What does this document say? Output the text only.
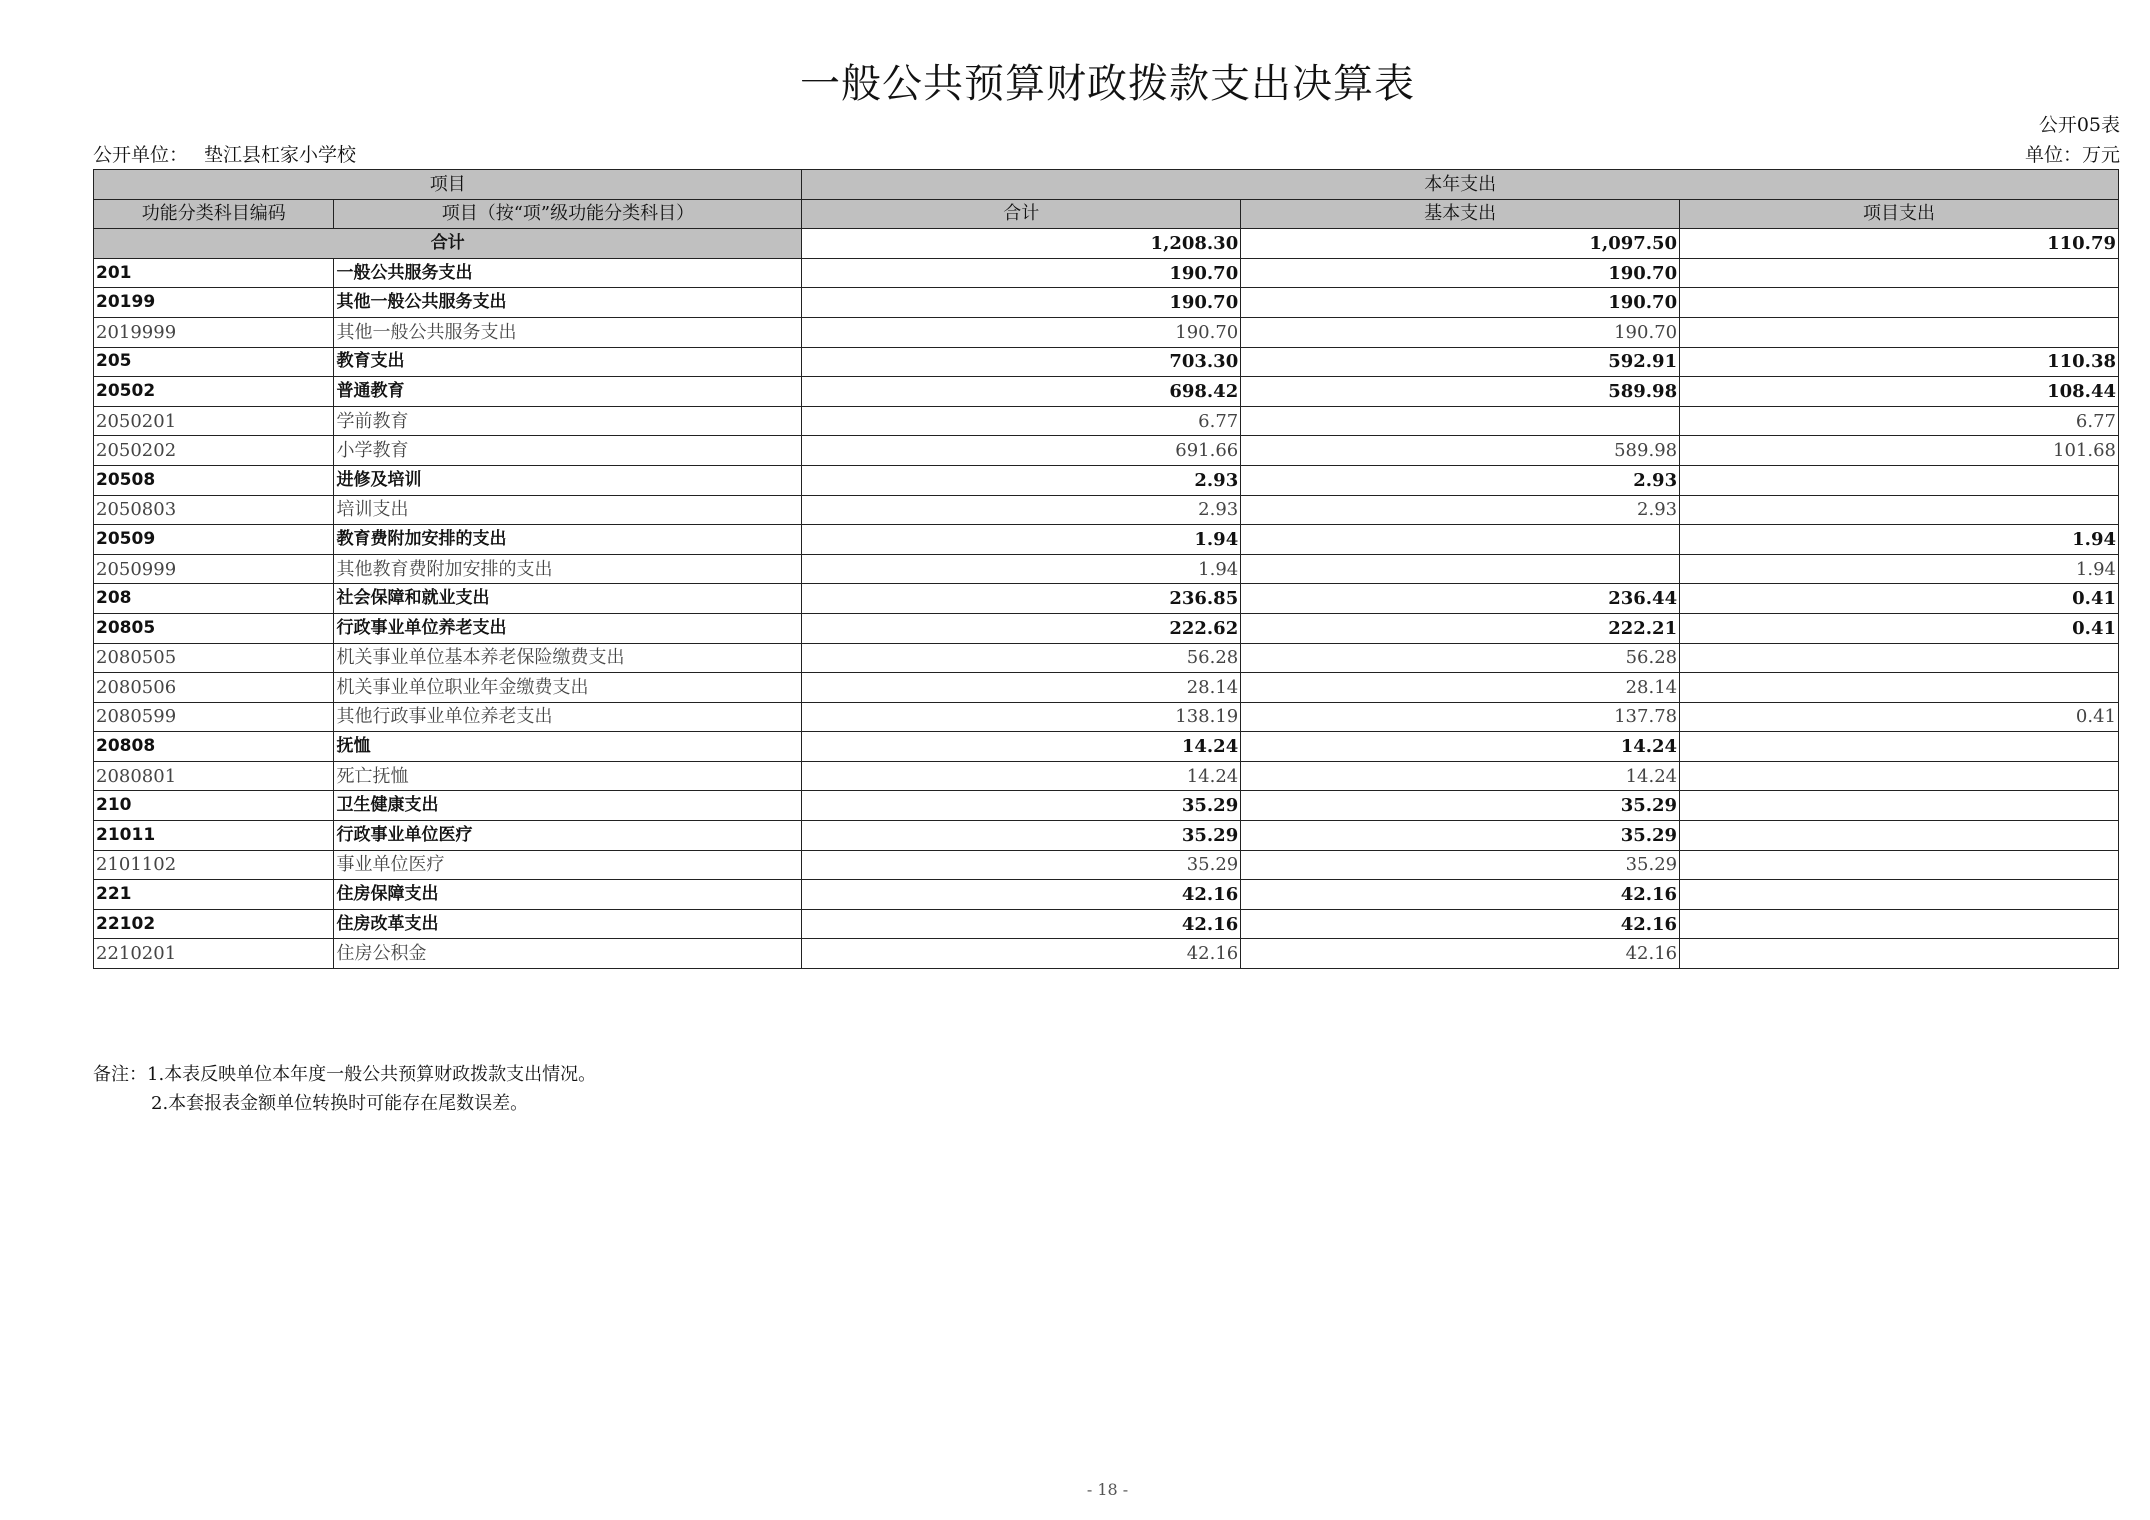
一般公共预算财政拨款支出决算表
公开05表
公开单位： 垫江县杠家小学校	单位：万元
项目		本年支出		
功能分类科目编码	项目（按“项”级功能分类科目）	合计	基本支出	项目支出
合计		1,208.30	1,097.50	110.79
201	一般公共服务支出	190.70	190.70	
20199	其他一般公共服务支出	190.70	190.70	
2019999	其他一般公共服务支出	190.70	190.70	
205	教育支出	703.30	592.91	110.38
20502	普通教育	698.42	589.98	108.44
2050201	学前教育	6.77		6.77
2050202	小学教育	691.66	589.98	101.68
20508	进修及培训	2.93	2.93	
2050803	培训支出	2.93	2.93	
20509	教育费附加安排的支出	1.94		1.94
2050999	其他教育费附加安排的支出	1.94		1.94
208	社会保障和就业支出	236.85	236.44	0.41
20805	行政事业单位养老支出	222.62	222.21	0.41
2080505	机关事业单位基本养老保险缴费支出	56.28	56.28	
2080506	机关事业单位职业年金缴费支出	28.14	28.14	
2080599	其他行政事业单位养老支出	138.19	137.78	0.41
20808	抚恤	14.24	14.24	
2080801	死亡抚恤	14.24	14.24	
210	卫生健康支出	35.29	35.29	
21011	行政事业单位医疗	35.29	35.29	
2101102	事业单位医疗	35.29	35.29	
221	住房保障支出	42.16	42.16	
22102	住房改革支出	42.16	42.16	
2210201	住房公积金	42.16	42.16	
备注：1.本表反映单位本年度一般公共预算财政拨款支出情况。
2.本套报表金额单位转换时可能存在尾数误差。
- 18 -
